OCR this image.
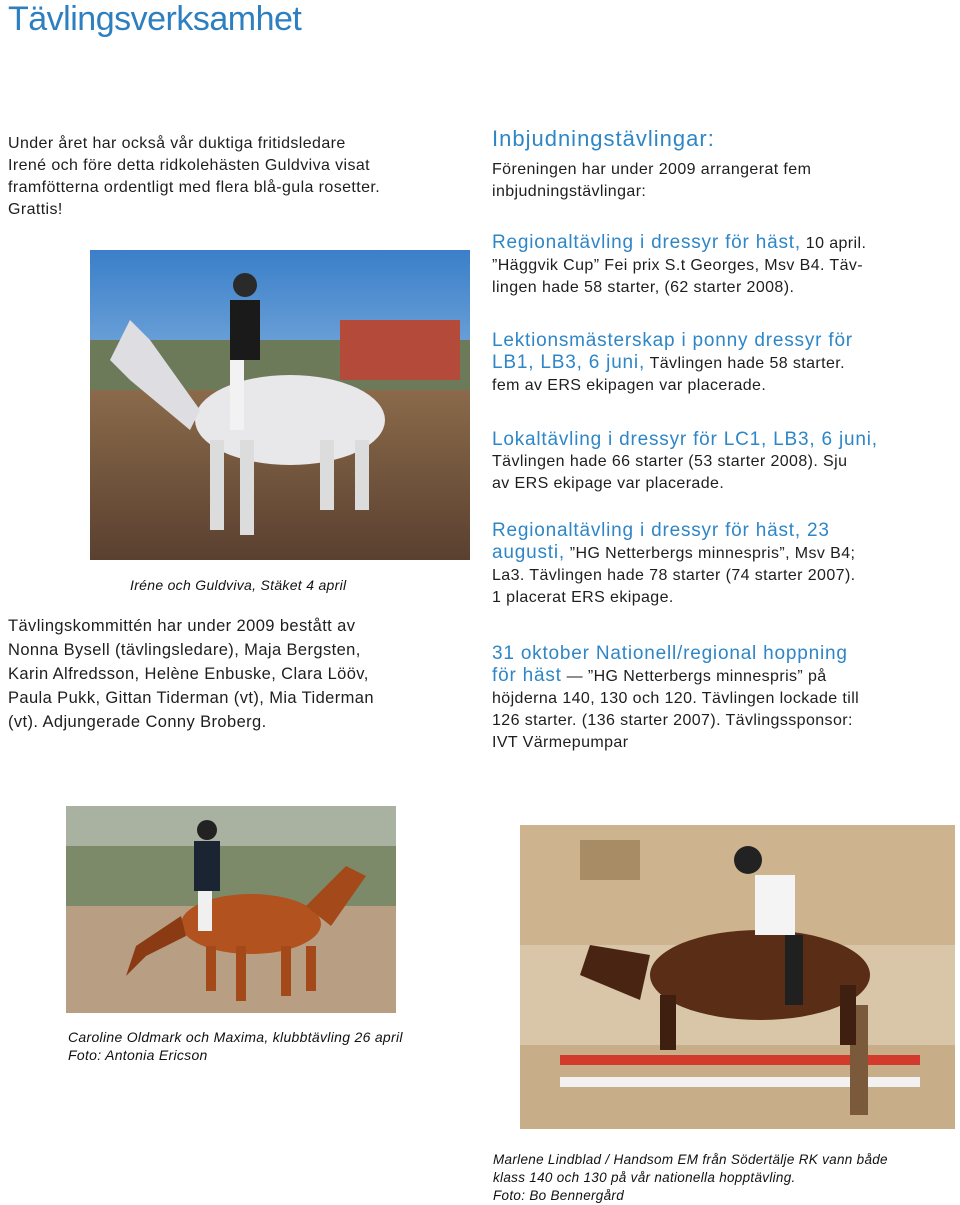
Tävlingsverksamhet

Under året har också vår duktiga fritidsledare

Irené och före detta ridkolehästen Guldviva visat

framfötterna ordentligt med flera blå-gula rosetter.

Grattis!

Iréne och Guldviva, Stäket 4 april

Tävlingskommittén har under 2009 bestått av

Nonna Bysell (tävlingsledare), Maja Bergsten,

Karin Alfredsson, Helène Enbuske, Clara Lööv,

Paula Pukk, Gittan Tiderman (vt), Mia Tiderman

(vt). Adjungerade Conny Broberg.

Inbjudningstävlingar:

Föreningen har under 2009 arrangerat fem

inbjudningstävlingar:

Regionaltävling i dressyr för häst, 10 april.

”Häggvik Cup” Fei prix S.t Georges, Msv B4. Täv-

lingen hade 58 starter, (62 starter 2008).

Lektionsmästerskap i ponny dressyr för

LB1, LB3, 6 juni, Tävlingen hade 58 starter.

fem av ERS ekipagen var placerade.

Lokaltävling i dressyr för LC1, LB3, 6 juni,

Tävlingen hade 66 starter (53 starter 2008). Sju

av ERS ekipage var placerade.

Regionaltävling i dressyr för häst, 23

augusti, ”HG Netterbergs minnespris”, Msv B4;

La3. Tävlingen hade 78 starter (74 starter 2007).

1 placerat ERS ekipage.

31 oktober Nationell/regional hoppning

för häst — ”HG Netterbergs minnespris” på

höjderna 140, 130 och 120. Tävlingen lockade till

126 starter. (136 starter 2007). Tävlingssponsor:

IVT Värmepumpar

Caroline Oldmark och Maxima, klubbtävling 26 april

Foto: Antonia Ericson

Marlene Lindblad / Handsom EM från Södertälje RK vann både

klass 140 och 130 på vår nationella hopptävling.

Foto: Bo Bennergård
